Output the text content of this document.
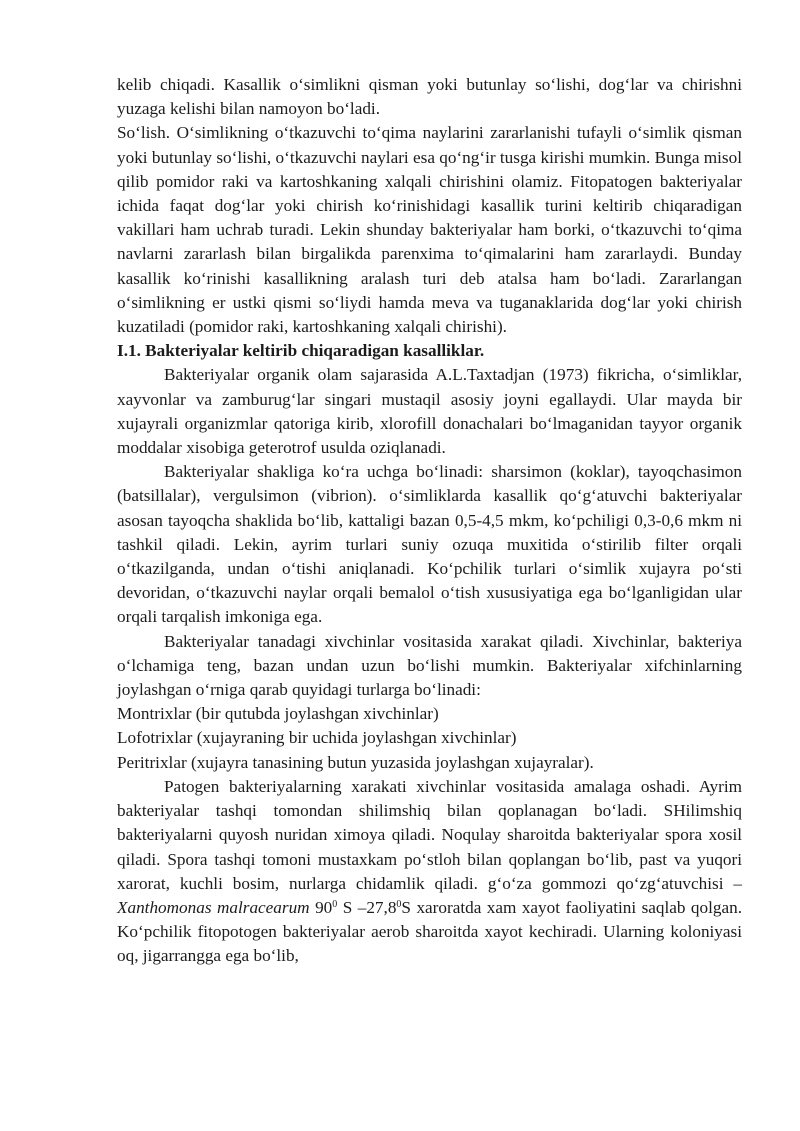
kelib chiqadi. Kasallik o‘simlikni qisman yoki butunlay so‘lishi, dog‘lar va chirishni yuzaga kelishi bilan namoyon bo‘ladi.

So‘lish. O‘simlikning o‘tkazuvchi to‘qima naylarini zararlanishi tufayli o‘simlik qisman yoki butunlay so‘lishi, o‘tkazuvchi naylari esa qo‘ng‘ir tusga kirishi mumkin. Bunga misol qilib pomidor raki va kartoshkaning xalqali chirishini olamiz. Fitopatogen bakteriyalar ichida faqat dog‘lar yoki chirish ko‘rinishidagi kasallik turini keltirib chiqaradigan vakillari ham uchrab turadi. Lekin shunday bakteriyalar ham borki, o‘tkazuvchi to‘qima navlarni zararlash bilan birgalikda parenxima to‘qimalarini ham zararlaydi. Bunday kasallik ko‘rinishi kasallikning aralash turi deb atalsa ham bo‘ladi. Zararlangan o‘simlikning er ustki qismi so‘liydi hamda meva va tuganaklarida dog‘lar yoki chirish kuzatiladi (pomidor raki, kartoshkaning xalqali chirishi).

I.1. Bakteriyalar keltirib chiqaradigan kasalliklar.

Bakteriyalar organik olam sajarasida A.L.Taxtadjan (1973) fikricha, o‘simliklar, xayvonlar va zamburug‘lar singari mustaqil asosiy joyni egallaydi. Ular mayda bir xujayrali organizmlar qatoriga kirib, xlorofill donachalari bo‘lmaganidan tayyor organik moddalar xisobiga geterotrof usulda oziqlanadi.

Bakteriyalar shakliga ko‘ra uchga bo‘linadi: sharsimon (koklar), tayoqchasimon (batsillalar), vergulsimon (vibrion). o‘simliklarda kasallik qo‘g‘atuvchi bakteriyalar asosan tayoqcha shaklida bo‘lib, kattaligi bazan 0,5-4,5 mkm, ko‘pchiligi 0,3-0,6 mkm ni tashkil qiladi. Lekin, ayrim turlari suniy ozuqa muxitida o‘stirilib filter orqali o‘tkazilganda, undan o‘tishi aniqlanadi. Ko‘pchilik turlari o‘simlik xujayra po‘sti devoridan, o‘tkazuvchi naylar orqali bemalol o‘tish xususiyatiga ega bo‘lganligidan ular orqali tarqalish imkoniga ega.

Bakteriyalar tanadagi xivchinlar vositasida xarakat qiladi. Xivchinlar, bakteriya o‘lchamiga teng, bazan undan uzun bo‘lishi mumkin. Bakteriyalar xifchinlarning joylashgan o‘rniga qarab quyidagi turlarga bo‘linadi:

Montrixlar (bir qutubda joylashgan xivchinlar)

Lofotrixlar (xujayraning bir uchida joylashgan xivchinlar)

Peritrixlar (xujayra tanasining butun yuzasida joylashgan xujayralar).

Patogen bakteriyalarning xarakati xivchinlar vositasida amalaga oshadi. Ayrim bakteriyalar tashqi tomondan shilimshiq bilan qoplanagan bo‘ladi. SHilimshiq bakteriyalarni quyosh nuridan ximoya qiladi. Noqulay sharoitda bakteriyalar spora xosil qiladi. Spora tashqi tomoni mustaxkam po‘stloh bilan qoplangan bo‘lib, past va yuqori xarorat, kuchli bosim, nurlarga chidamlik qiladi. g‘o‘za gommozi qo‘zg‘atuvchisi – Xanthomonas malracearum $90^0$ S –27,8$^0$S xaroratda xam xayot faoliyatini saqlab qolgan. Ko‘pchilik fitopotogen bakteriyalar aerob sharoitda xayot kechiradi. Ularning koloniyasi oq, jigarrangga ega bo‘lib,
